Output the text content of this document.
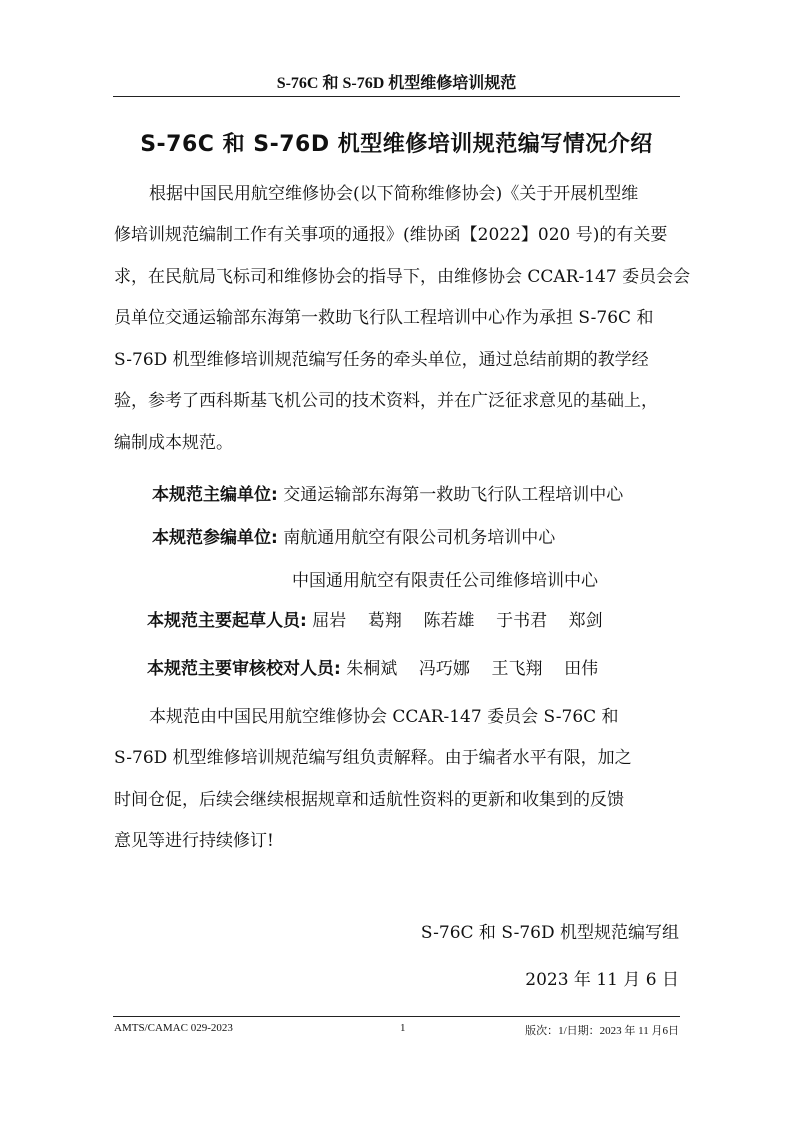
S-76C 和 S-76D 机型维修培训规范
S-76C 和 S-76D 机型维修培训规范编写情况介绍
根据中国民用航空维修协会(以下简称维修协会)《关于开展机型维
修培训规范编制工作有关事项的通报》(维协函【2022】020 号)的有关要
求，在民航局飞标司和维修协会的指导下，由维修协会 CCAR-147 委员会会
员单位交通运输部东海第一救助飞行队工程培训中心作为承担 S-76C 和
S-76D 机型维修培训规范编写任务的牵头单位，通过总结前期的教学经
验，参考了西科斯基飞机公司的技术资料，并在广泛征求意见的基础上，
编制成本规范。
本规范主编单位: 交通运输部东海第一救助飞行队工程培训中心
本规范参编单位: 南航通用航空有限公司机务培训中心
中国通用航空有限责任公司维修培训中心
本规范主要起草人员: 屈岩    葛翔    陈若雄    于书君    郑剑
本规范主要审核校对人员: 朱桐斌    冯巧娜    王飞翔    田伟
本规范由中国民用航空维修协会 CCAR-147 委员会 S-76C 和
S-76D 机型维修培训规范编写组负责解释。由于编者水平有限，加之
时间仓促，后续会继续根据规章和适航性资料的更新和收集到的反馈
意见等进行持续修订!
S-76C 和 S-76D 机型规范编写组
2023 年 11 月 6 日
AMTS/CAMAC 029-2023	1	版次：1/日期：2023 年 11 月6日
